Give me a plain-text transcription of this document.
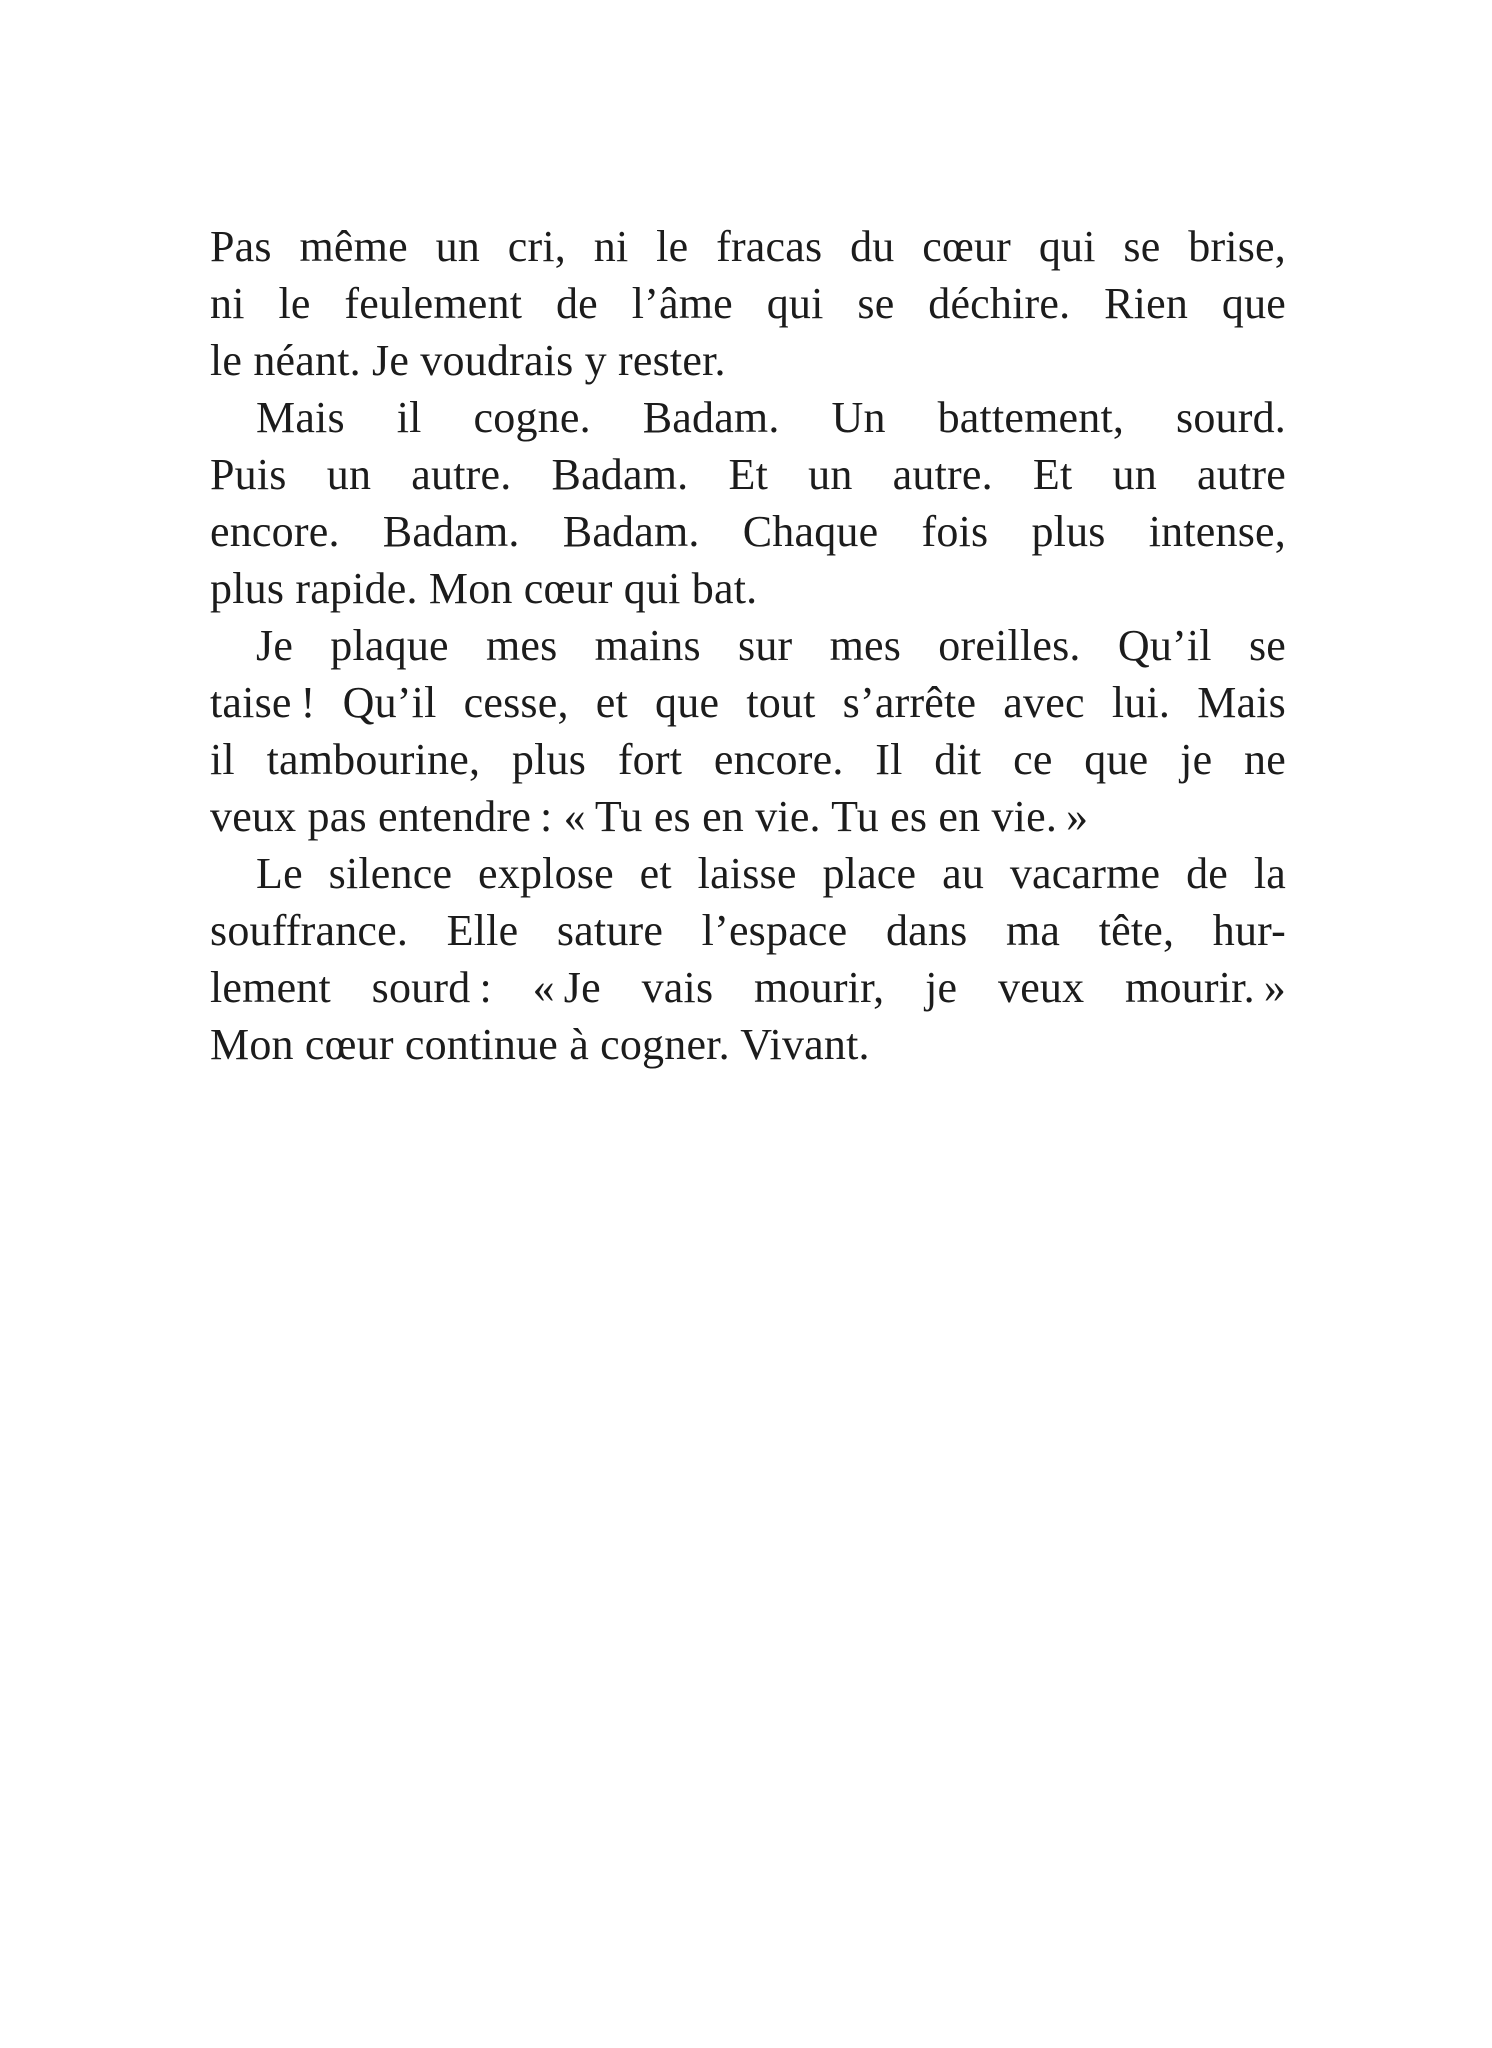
Pas même un cri, ni le fracas du cœur qui se brise,
ni le feulement de l’âme qui se déchire. Rien que
le néant. Je voudrais y rester.
Mais il cogne. Badam. Un battement, sourd.
Puis un autre. Badam. Et un autre. Et un autre
encore. Badam. Badam. Chaque fois plus intense,
plus rapide. Mon cœur qui bat.
Je plaque mes mains sur mes oreilles. Qu’il se
taise ! Qu’il cesse, et que tout s’arrête avec lui. Mais
il tambourine, plus fort encore. Il dit ce que je ne
veux pas entendre : « Tu es en vie. Tu es en vie. »
Le silence explose et laisse place au vacarme de la
souffrance. Elle sature l’espace dans ma tête, hur-
lement sourd : « Je vais mourir, je veux mourir. »
Mon cœur continue à cogner. Vivant.
